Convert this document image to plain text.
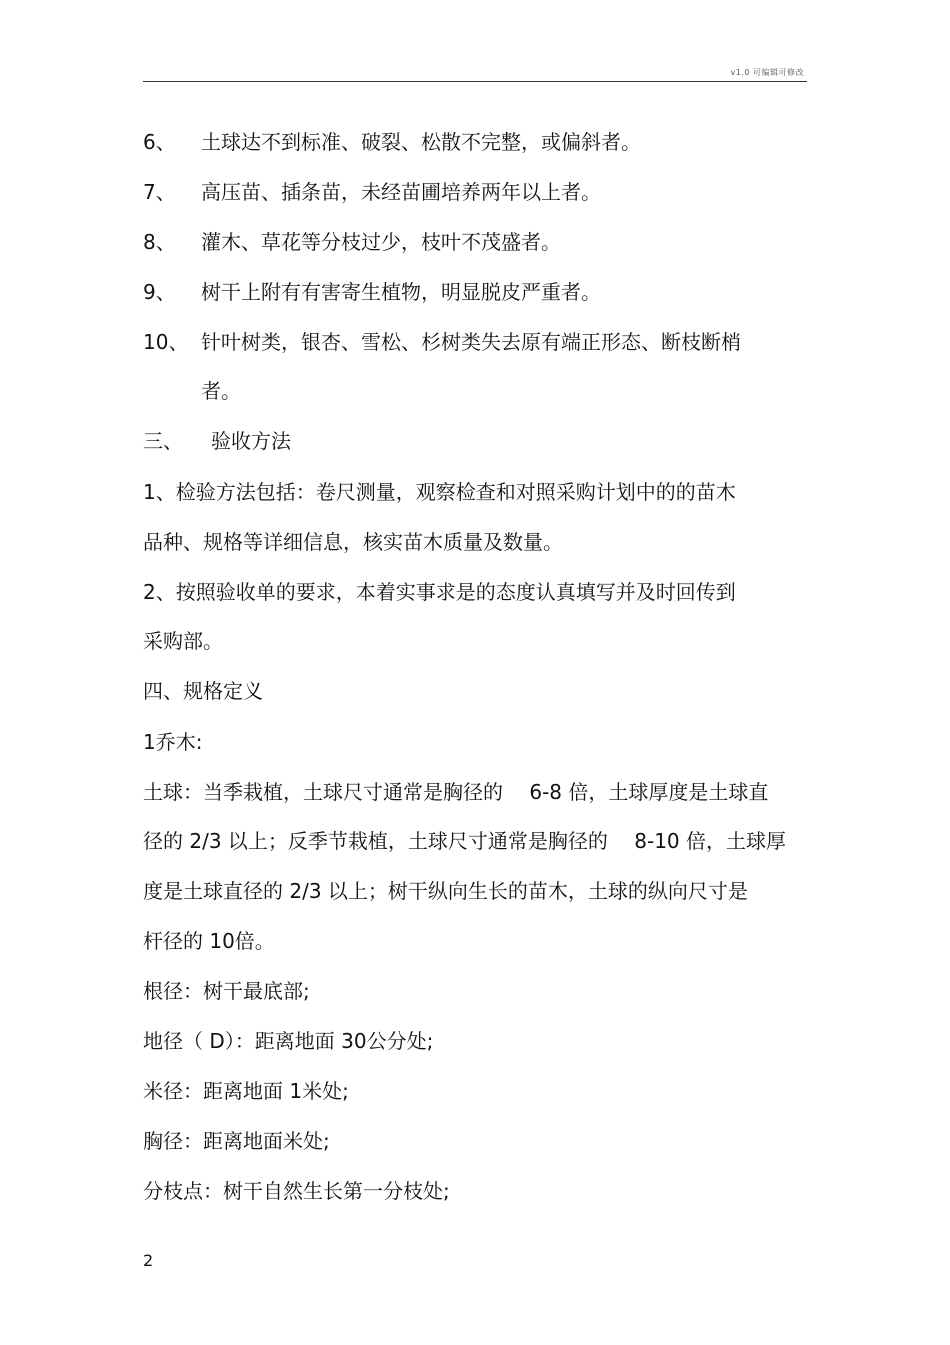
v1.0 可编辑可修改
6、 土球达不到标准、破裂、松散不完整，或偏斜者。
7、 高压苗、插条苗，未经苗圃培养两年以上者。
8、 灌木、草花等分枝过少，枝叶不茂盛者。
9、 树干上附有有害寄生植物，明显脱皮严重者。
10、 针叶树类，银杏、雪松、杉树类失去原有端正形态、断枝断梢
者。
三、 验收方法
1、检验方法包括：卷尺测量，观察检查和对照采购计划中的的苗木
品种、规格等详细信息，核实苗木质量及数量。
2、按照验收单的要求，本着实事求是的态度认真填写并及时回传到
采购部。
四、规格定义
1乔木:
土球：当季栽植，土球尺寸通常是胸径的　 6-8 倍，土球厚度是土球直
径的 2/3 以上；反季节栽植，土球尺寸通常是胸径的　 8-10 倍，土球厚
度是土球直径的 2/3 以上；树干纵向生长的苗木，土球的纵向尺寸是
杆径的 10倍。
根径：树干最底部;
地径（ D）：距离地面 30公分处;
米径：距离地面 1米处;
胸径：距离地面米处;
分枝点：树干自然生长第一分枝处;
2
